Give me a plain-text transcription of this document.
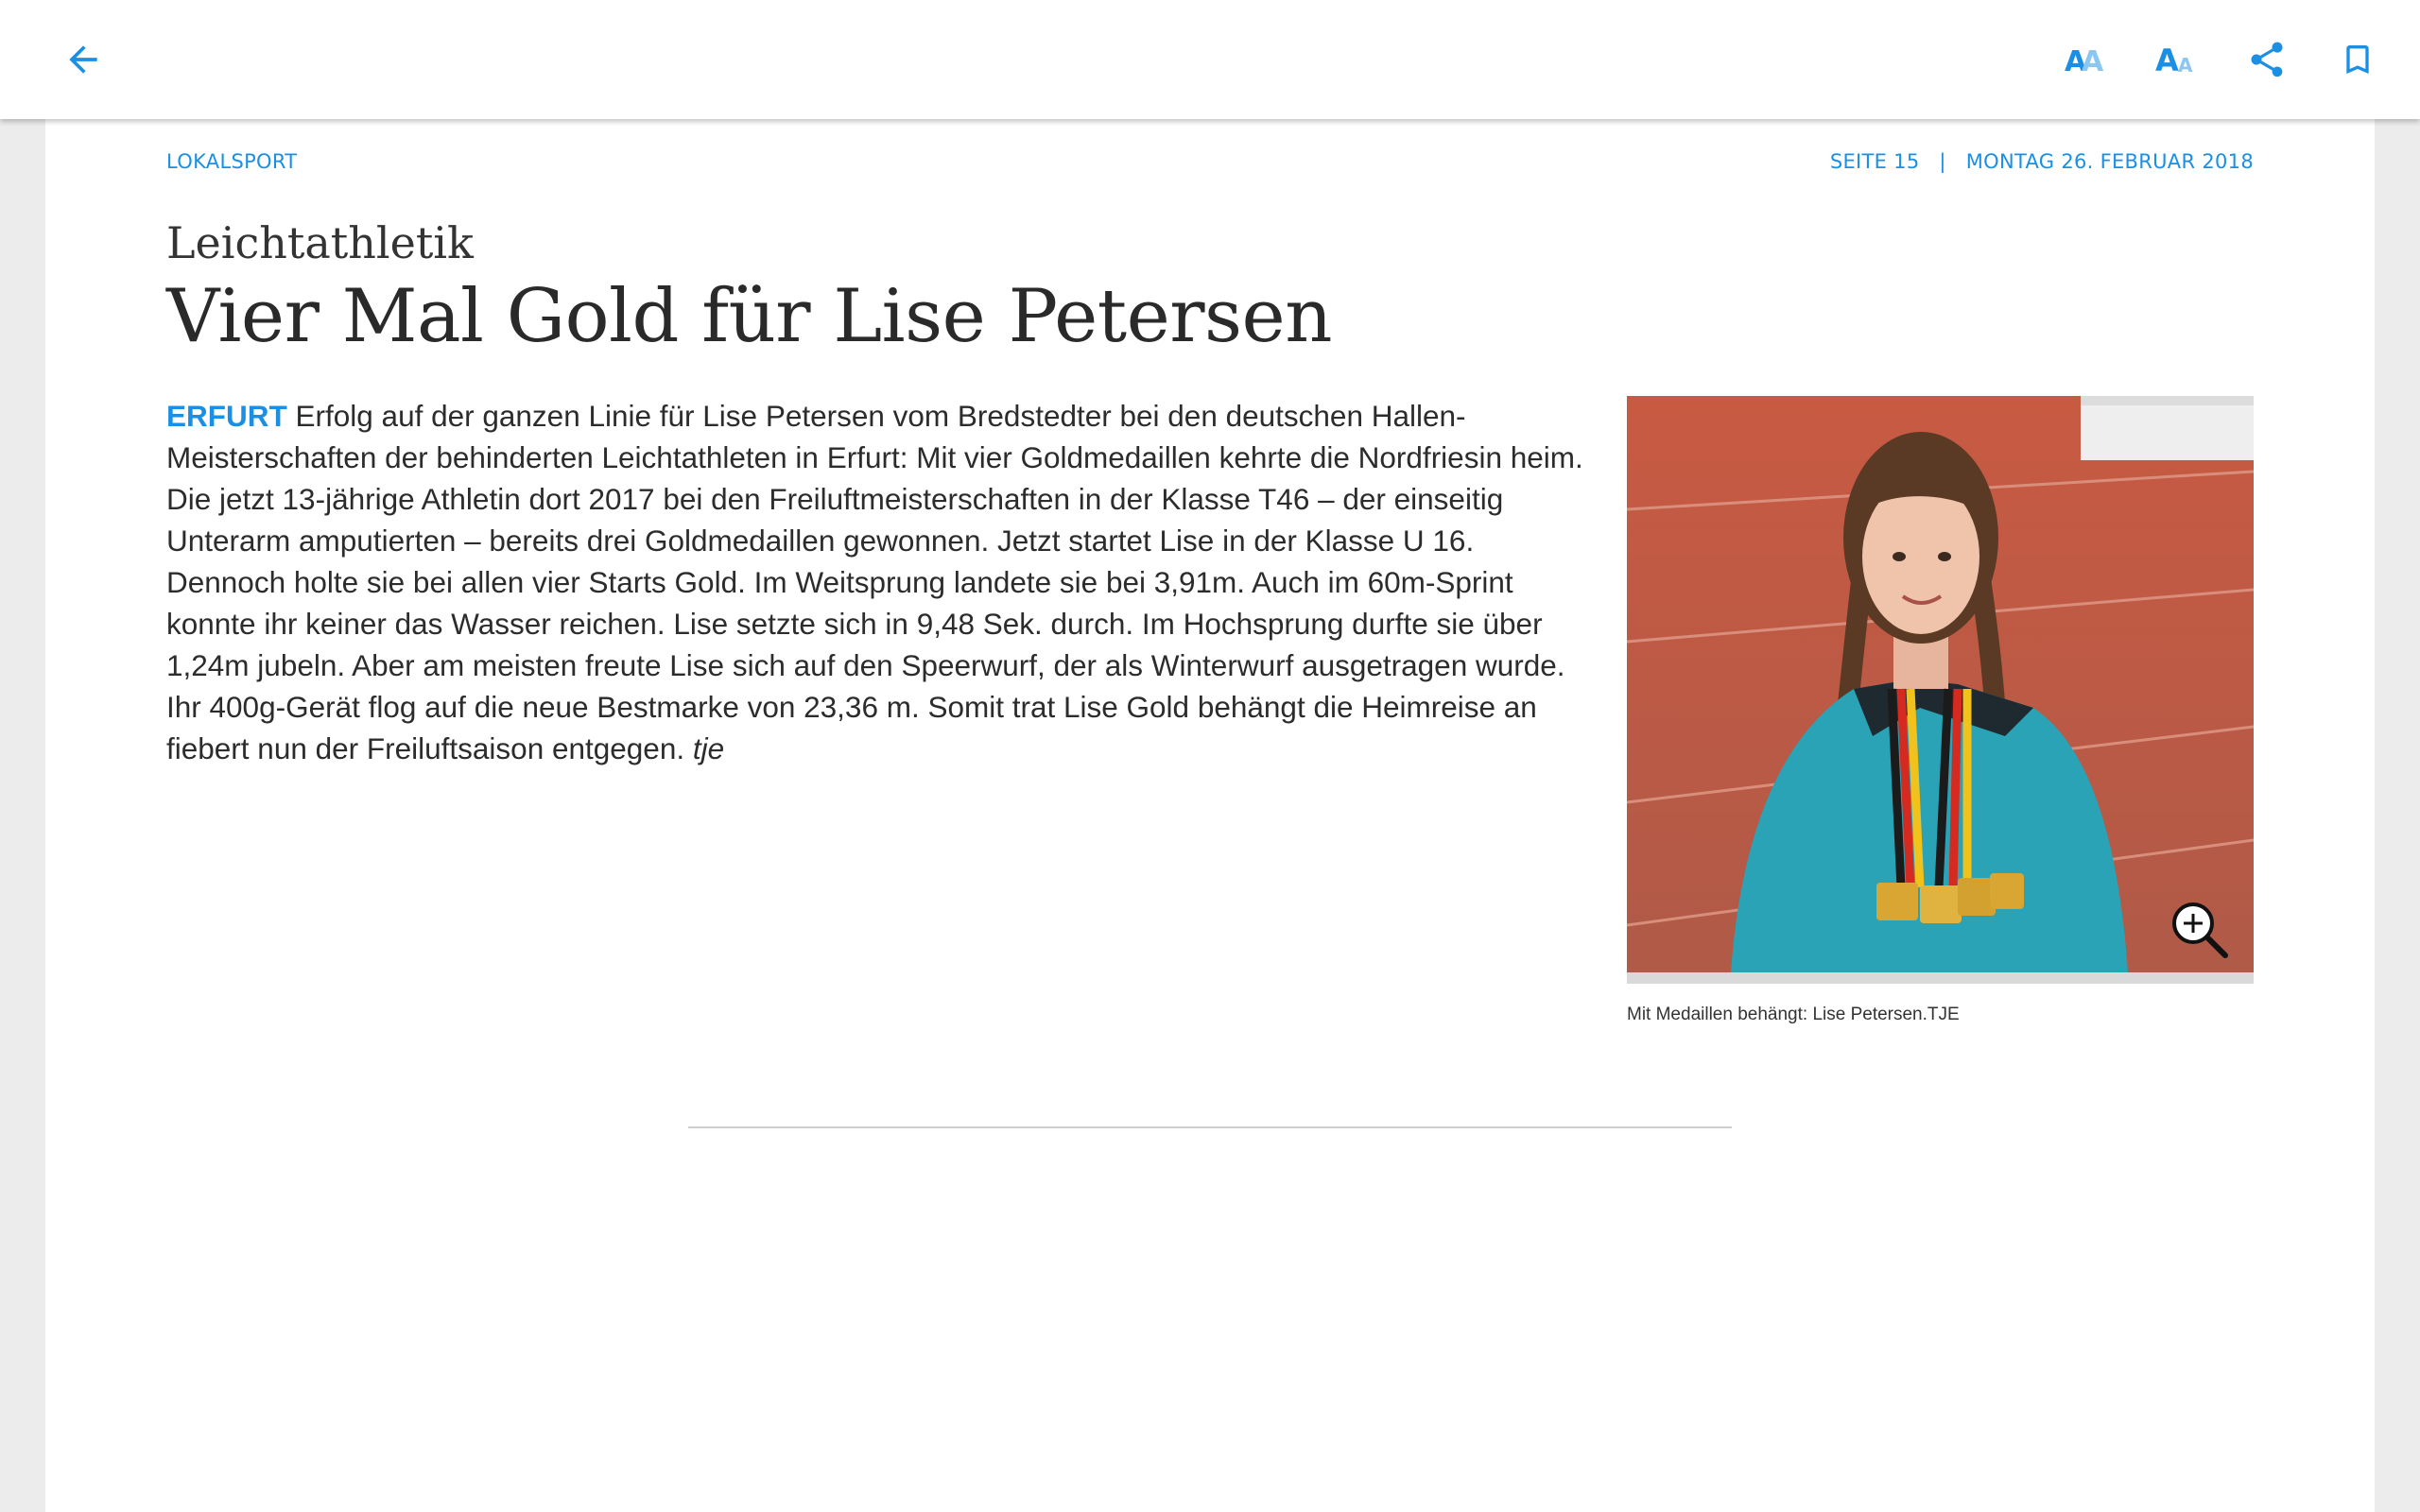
A
A A A
LOKALSPORT	SEITE 15   |   MONTAG 26. FEBRUAR 2018
Leichtathletik
Vier Mal Gold für Lise Petersen
ERFURT Erfolg auf der ganzen Linie für Lise Petersen vom Bredstedter bei den deutschen Hallen-Meisterschaften der behinderten Leichtathleten in Erfurt: Mit vier Goldmedaillen kehrte die Nordfriesin heim. Die jetzt 13-jährige Athletin dort 2017 bei den Freiluftmeisterschaften in der Klasse T46 – der einseitig Unterarm amputierten – bereits drei Goldmedaillen gewonnen. Jetzt startet Lise in der Klasse U 16. Dennoch holte sie bei allen vier Starts Gold. Im Weitsprung landete sie bei 3,91m. Auch im 60m-Sprint konnte ihr keiner das Wasser reichen. Lise setzte sich in 9,48 Sek. durch. Im Hochsprung durfte sie über 1,24m jubeln. Aber am meisten freute Lise sich auf den Speerwurf, der als Winterwurf ausgetragen wurde. Ihr 400g-Gerät flog auf die neue Bestmarke von 23,36 m. Somit trat Lise Gold behängt die Heimreise an fiebert nun der Freiluftsaison entgegen. tje
Mit Medaillen behängt: Lise Petersen.TJE
